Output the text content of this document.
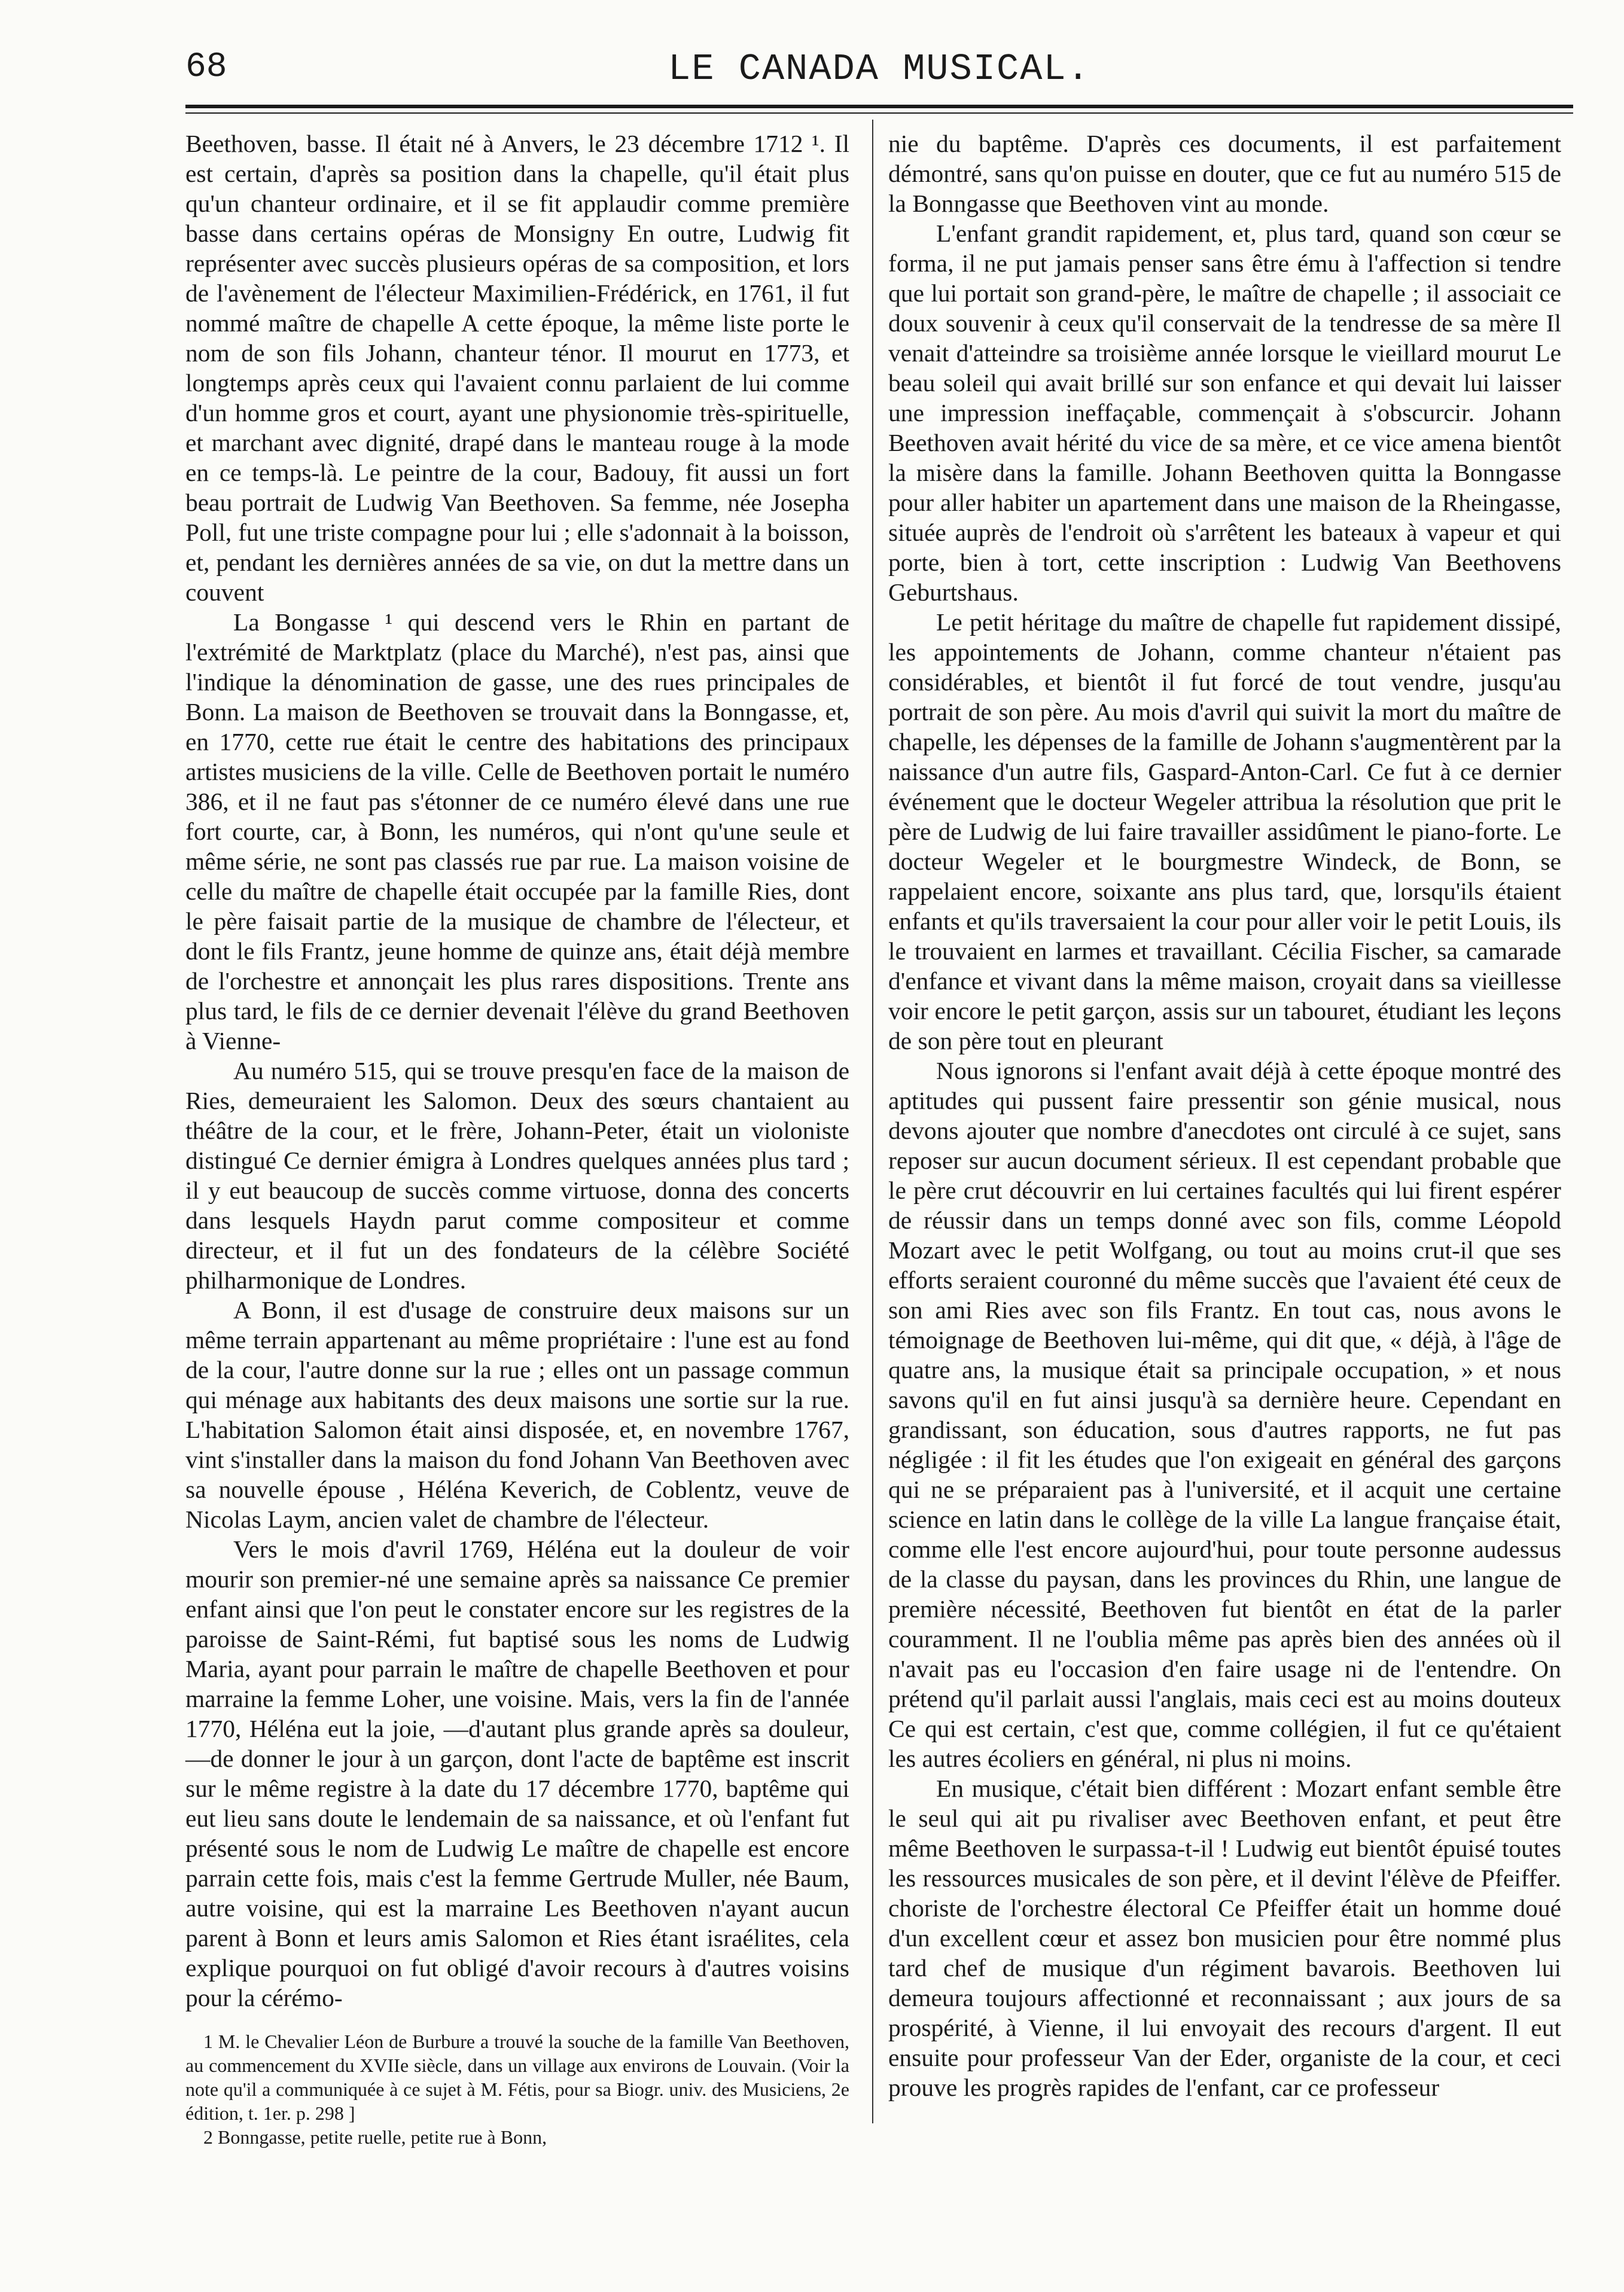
68	LE CANADA MUSICAL.

Beethoven, basse. Il était né à Anvers, le 23 décembre 1712 ¹. Il est certain, d'après sa position dans la chapelle, qu'il était plus qu'un chanteur ordinaire, et il se fit applaudir comme première basse dans certains opéras de Monsigny En outre, Ludwig fit représenter avec succès plusieurs opéras de sa composition, et lors de l'avènement de l'électeur Maximilien-Frédérick, en 1761, il fut nommé maître de chapelle A cette époque, la même liste porte le nom de son fils Johann, chanteur ténor. Il mourut en 1773, et longtemps après ceux qui l'avaient connu parlaient de lui comme d'un homme gros et court, ayant une physionomie très-spirituelle, et marchant avec dignité, drapé dans le manteau rouge à la mode en ce temps-là. Le peintre de la cour, Badouy, fit aussi un fort beau portrait de Ludwig Van Beethoven. Sa femme, née Josepha Poll, fut une triste compagne pour lui ; elle s'adonnait à la boisson, et, pendant les dernières années de sa vie, on dut la mettre dans un couvent

La Bongasse ¹ qui descend vers le Rhin en partant de l'extrémité de Marktplatz (place du Marché), n'est pas, ainsi que l'indique la dénomination de gasse, une des rues principales de Bonn. La maison de Beethoven se trouvait dans la Bonngasse, et, en 1770, cette rue était le centre des habitations des principaux artistes musiciens de la ville. Celle de Beethoven portait le numéro 386, et il ne faut pas s'étonner de ce numéro élevé dans une rue fort courte, car, à Bonn, les numéros, qui n'ont qu'une seule et même série, ne sont pas classés rue par rue. La maison voisine de celle du maître de chapelle était occupée par la famille Ries, dont le père faisait partie de la musique de chambre de l'électeur, et dont le fils Frantz, jeune homme de quinze ans, était déjà membre de l'orchestre et annonçait les plus rares dispositions. Trente ans plus tard, le fils de ce dernier devenait l'élève du grand Beethoven à Vienne-

Au numéro 515, qui se trouve presqu'en face de la maison de Ries, demeuraient les Salomon. Deux des sœurs chantaient au théâtre de la cour, et le frère, Johann-Peter, était un violoniste distingué Ce dernier émigra à Londres quelques années plus tard ; il y eut beaucoup de succès comme virtuose, donna des concerts dans lesquels Haydn parut comme compositeur et comme directeur, et il fut un des fondateurs de la célèbre Société philharmonique de Londres.

A Bonn, il est d'usage de construire deux maisons sur un même terrain appartenant au même propriétaire : l'une est au fond de la cour, l'autre donne sur la rue ; elles ont un passage commun qui ménage aux habitants des deux maisons une sortie sur la rue. L'habitation Salomon était ainsi disposée, et, en novembre 1767, vint s'installer dans la maison du fond Johann Van Beethoven avec sa nouvelle épouse , Héléna Keverich, de Coblentz, veuve de Nicolas Laym, ancien valet de chambre de l'électeur.

Vers le mois d'avril 1769, Héléna eut la douleur de voir mourir son premier-né une semaine après sa naissance Ce premier enfant ainsi que l'on peut le constater encore sur les registres de la paroisse de Saint-Rémi, fut baptisé sous les noms de Ludwig Maria, ayant pour parrain le maître de chapelle Beethoven et pour marraine la femme Loher, une voisine. Mais, vers la fin de l'année 1770, Héléna eut la joie, —d'autant plus grande après sa douleur,—de donner le jour à un garçon, dont l'acte de baptême est inscrit sur le même registre à la date du 17 décembre 1770, baptême qui eut lieu sans doute le lendemain de sa naissance, et où l'enfant fut présenté sous le nom de Ludwig Le maître de chapelle est encore parrain cette fois, mais c'est la femme Gertrude Muller, née Baum, autre voisine, qui est la marraine Les Beethoven n'ayant aucun parent à Bonn et leurs amis Salomon et Ries étant israélites, cela explique pourquoi on fut obligé d'avoir recours à d'autres voisins pour la cérémo-

1 M. le Chevalier Léon de Burbure a trouvé la souche de la famille Van Beethoven, au commencement du XVIIe siècle, dans un village aux environs de Louvain. (Voir la note qu'il a communiquée à ce sujet à M. Fétis, pour sa Biogr. univ. des Musiciens, 2e édition, t. 1er. p. 298 ]

2 Bonngasse, petite ruelle, petite rue à Bonn,

nie du baptême. D'après ces documents, il est parfaitement démontré, sans qu'on puisse en douter, que ce fut au numéro 515 de la Bonngasse que Beethoven vint au monde.

L'enfant grandit rapidement, et, plus tard, quand son cœur se forma, il ne put jamais penser sans être ému à l'affection si tendre que lui portait son grand-père, le maître de chapelle ; il associait ce doux souvenir à ceux qu'il conservait de la tendresse de sa mère Il venait d'atteindre sa troisième année lorsque le vieillard mourut Le beau soleil qui avait brillé sur son enfance et qui devait lui laisser une impression ineffaçable, commençait à s'obscurcir. Johann Beethoven avait hérité du vice de sa mère, et ce vice amena bientôt la misère dans la famille. Johann Beethoven quitta la Bonngasse pour aller habiter un apartement dans une maison de la Rheingasse, située auprès de l'endroit où s'arrêtent les bateaux à vapeur et qui porte, bien à tort, cette inscription : Ludwig Van Beethovens Geburtshaus.

Le petit héritage du maître de chapelle fut rapidement dissipé, les appointements de Johann, comme chanteur n'étaient pas considérables, et bientôt il fut forcé de tout vendre, jusqu'au portrait de son père. Au mois d'avril qui suivit la mort du maître de chapelle, les dépenses de la famille de Johann s'augmentèrent par la naissance d'un autre fils, Gaspard-Anton-Carl. Ce fut à ce dernier événement que le docteur Wegeler attribua la résolution que prit le père de Ludwig de lui faire travailler assidûment le piano-forte. Le docteur Wegeler et le bourgmestre Windeck, de Bonn, se rappelaient encore, soixante ans plus tard, que, lorsqu'ils étaient enfants et qu'ils traversaient la cour pour aller voir le petit Louis, ils le trouvaient en larmes et travaillant. Cécilia Fischer, sa camarade d'enfance et vivant dans la même maison, croyait dans sa vieillesse voir encore le petit garçon, assis sur un tabouret, étudiant les leçons de son père tout en pleurant

Nous ignorons si l'enfant avait déjà à cette époque montré des aptitudes qui pussent faire pressentir son génie musical, nous devons ajouter que nombre d'anecdotes ont circulé à ce sujet, sans reposer sur aucun document sérieux. Il est cependant probable que le père crut découvrir en lui certaines facultés qui lui firent espérer de réussir dans un temps donné avec son fils, comme Léopold Mozart avec le petit Wolfgang, ou tout au moins crut-il que ses efforts seraient couronné du même succès que l'avaient été ceux de son ami Ries avec son fils Frantz. En tout cas, nous avons le témoignage de Beethoven lui-même, qui dit que, « déjà, à l'âge de quatre ans, la musique était sa principale occupation, » et nous savons qu'il en fut ainsi jusqu'à sa dernière heure. Cependant en grandissant, son éducation, sous d'autres rapports, ne fut pas négligée : il fit les études que l'on exigeait en général des garçons qui ne se préparaient pas à l'université, et il acquit une certaine science en latin dans le collège de la ville La langue française était, comme elle l'est encore aujourd'hui, pour toute personne audessus de la classe du paysan, dans les provinces du Rhin, une langue de première nécessité, Beethoven fut bientôt en état de la parler couramment. Il ne l'oublia même pas après bien des années où il n'avait pas eu l'occasion d'en faire usage ni de l'entendre. On prétend qu'il parlait aussi l'anglais, mais ceci est au moins douteux Ce qui est certain, c'est que, comme collégien, il fut ce qu'étaient les autres écoliers en général, ni plus ni moins.

En musique, c'était bien différent : Mozart enfant semble être le seul qui ait pu rivaliser avec Beethoven enfant, et peut être même Beethoven le surpassa-t-il ! Ludwig eut bientôt épuisé toutes les ressources musicales de son père, et il devint l'élève de Pfeiffer. choriste de l'orchestre électoral Ce Pfeiffer était un homme doué d'un excellent cœur et assez bon musicien pour être nommé plus tard chef de musique d'un régiment bavarois. Beethoven lui demeura toujours affectionné et reconnaissant ; aux jours de sa prospérité, à Vienne, il lui envoyait des recours d'argent. Il eut ensuite pour professeur Van der Eder, organiste de la cour, et ceci prouve les progrès rapides de l'enfant, car ce professeur
